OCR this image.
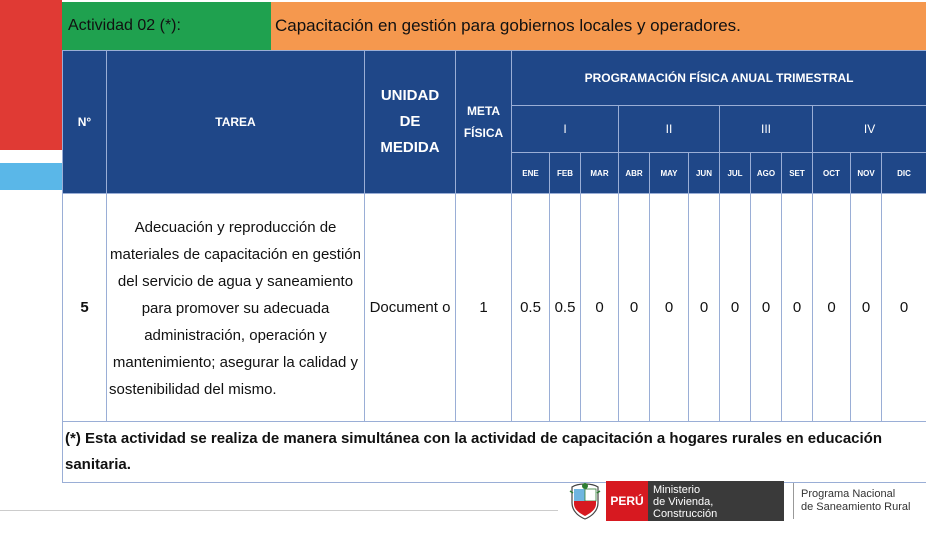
Actividad 02 (*):	Capacitación en gestión para gobiernos locales y operadores.
N°	TAREA	UNIDAD DE MEDIDA	META FÍSICA	PROGRAMACIÓN FÍSICA ANUAL TRIMESTRAL											
				I			II			III			IV		
				ENE	FEB	MAR	ABR	MAY	JUN	JUL	AGO	SET	OCT	NOV	DIC
5	Adecuación y reproducción de materiales de capacitación en gestión del servicio de agua y saneamiento para promover su adecuada administración, operación y mantenimiento; asegurar la calidad y sostenibilidad del mismo.	Document o	1	0.5	0.5	0	0	0	0	0	0	0	0	0	0
(*) Esta actividad se realiza de manera simultánea con la actividad de capacitación a hogares rurales en educación sanitaria.															
PERÚ
Ministerio
de Vivienda, Construcción
y Saneamiento
Programa Nacional
de Saneamiento Rural
